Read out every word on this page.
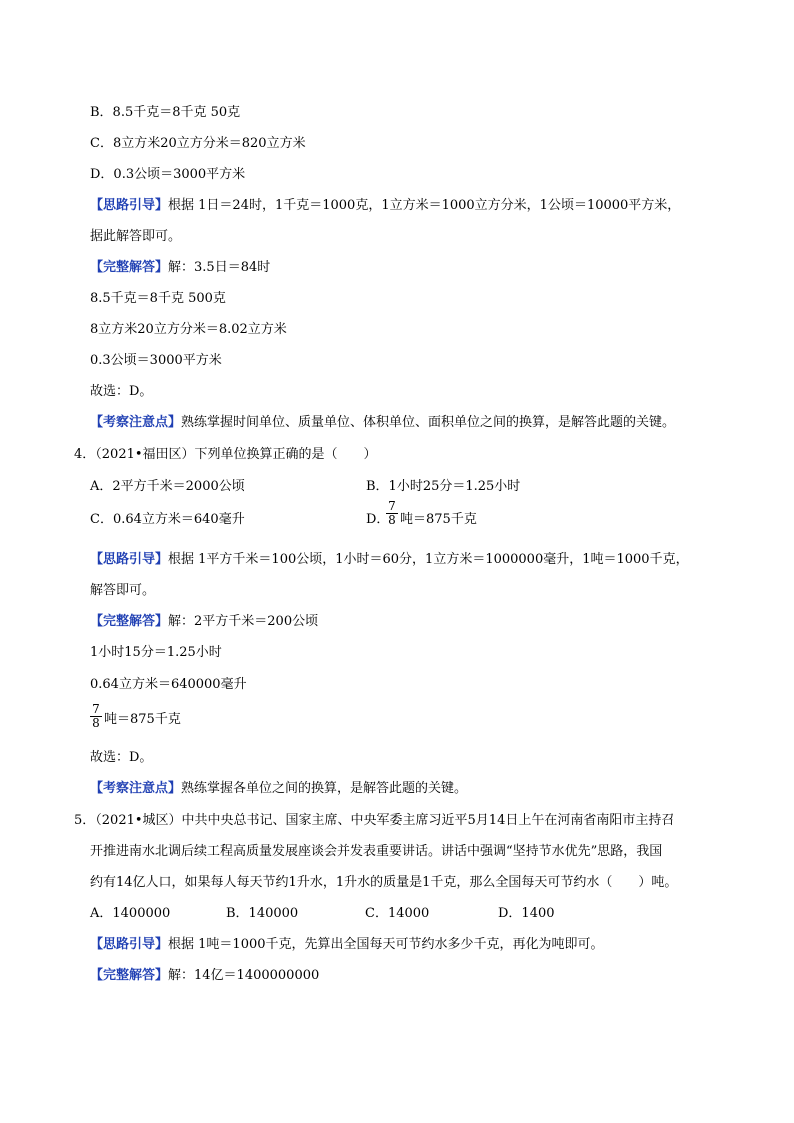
B．8.5千克＝8千克 50克
C．8立方米20立方分米＝820立方米
D．0.3公顷＝3000平方米
【思路引导】根据 1日＝24时，1千克＝1000克，1立方米＝1000立方分米，1公顷＝10000平方米，
据此解答即可。
【完整解答】解：3.5日＝84时
8.5千克＝8千克 500克
8立方米20立方分米＝8.02立方米
0.3公顷＝3000平方米
故选：D。
【考察注意点】熟练掌握时间单位、质量单位、体积单位、面积单位之间的换算，是解答此题的关键。
4．（2021•福田区）下列单位换算正确的是（　　）
A．2平方千米＝2000公顷	B．1小时25分＝1.25小时
C．0.64立方米＝640毫升	D．
7
8 吨＝875千克
【思路引导】根据 1平方千米＝100公顷，1小时＝60分，1立方米＝1000000毫升，1吨＝1000千克，
解答即可。
【完整解答】解：2平方千米＝200公顷
1小时15分＝1.25小时
0.64立方米＝640000毫升
7
8 吨＝875千克
故选：D。
【考察注意点】熟练掌握各单位之间的换算，是解答此题的关键。
5．（2021•城区）中共中央总书记、国家主席、中央军委主席习近平5月14日上午在河南省南阳市主持召
开推进南水北调后续工程高质量发展座谈会并发表重要讲话。讲话中强调“坚持节水优先”思路，我国
约有14亿人口，如果每人每天节约1升水，1升水的质量是1千克，那么全国每天可节约水（　　）吨。
A．1400000	B．140000	C．14000	D．1400
【思路引导】根据 1吨＝1000千克，先算出全国每天可节约水多少千克，再化为吨即可。
【完整解答】解：14亿＝1400000000
